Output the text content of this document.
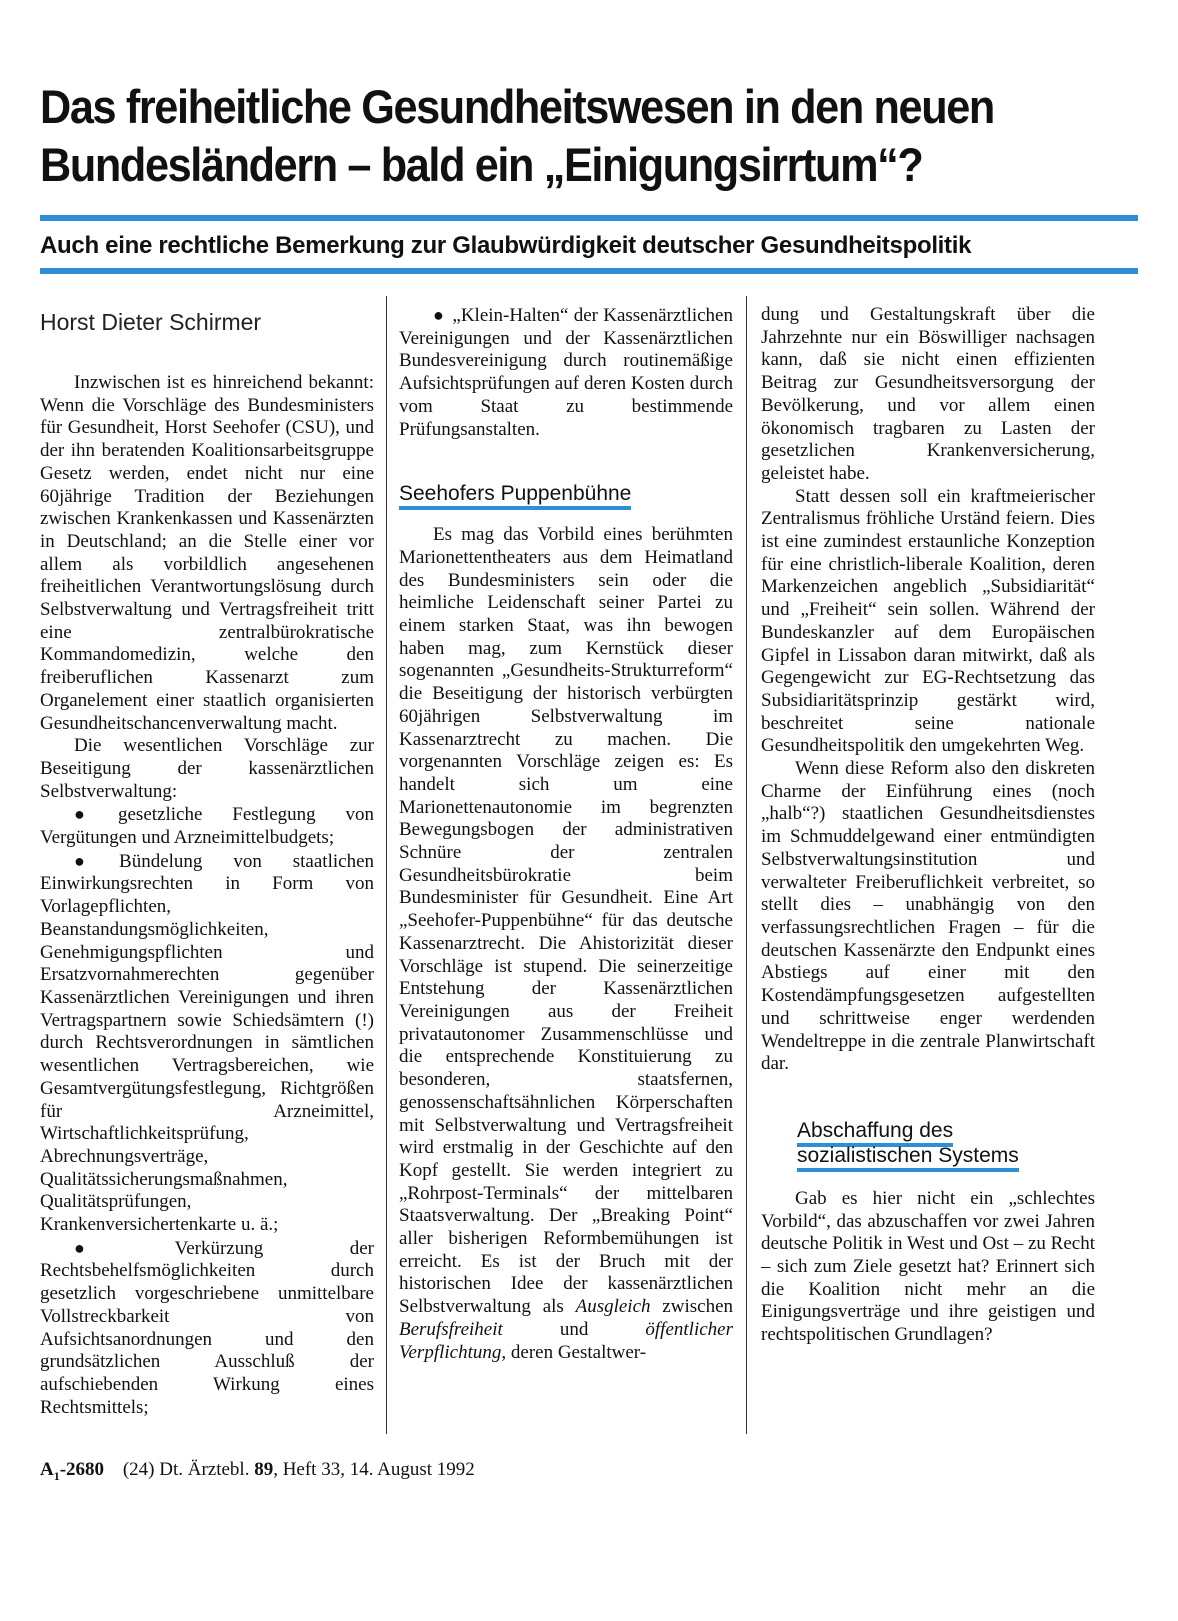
Das freiheitliche Gesundheitswesen in den neuen
Bundesländern – bald ein „Einigungsirrtum“?
Auch eine rechtliche Bemerkung zur Glaubwürdigkeit deutscher Gesundheitspolitik
Horst Dieter Schirmer

Inzwischen ist es hinreichend bekannt: Wenn die Vorschläge des Bundesministers für Gesundheit, Horst Seehofer (CSU), und der ihn beratenden Koalitionsarbeitsgruppe Gesetz werden, endet nicht nur eine 60jährige Tradition der Beziehungen zwischen Krankenkassen und Kassenärzten in Deutschland; an die Stelle einer vor allem als vorbildlich angesehenen freiheitlichen Verantwortungslösung durch Selbstverwaltung und Vertragsfreiheit tritt eine zentralbürokratische Kommandomedizin, welche den freiberuflichen Kassenarzt zum Organelement einer staatlich organisierten Gesundheitschancenverwaltung macht.

Die wesentlichen Vorschläge zur Beseitigung der kassenärztlichen Selbstverwaltung:

● gesetzliche Festlegung von Vergütungen und Arzneimittelbudgets;

● Bündelung von staatlichen Einwirkungsrechten in Form von Vorlagepflichten, Beanstandungsmöglichkeiten, Genehmigungspflichten und Ersatzvornahmerechten gegenüber Kassenärztlichen Vereinigungen und ihren Vertragspartnern sowie Schiedsämtern (!) durch Rechtsverordnungen in sämtlichen wesentlichen Vertragsbereichen, wie Gesamtvergütungsfestlegung, Richtgrößen für Arzneimittel, Wirtschaftlichkeitsprüfung, Abrechnungsverträge, Qualitätssicherungsmaßnahmen, Qualitätsprüfungen, Krankenversichertenkarte u. ä.;

● Verkürzung der Rechtsbehelfsmöglichkeiten durch gesetzlich vorgeschriebene unmittelbare Vollstreckbarkeit von Aufsichtsanordnungen und den grundsätzlichen Ausschluß der aufschiebenden Wirkung eines Rechtsmittels;

● „Klein-Halten“ der Kassenärztlichen Vereinigungen und der Kassenärztlichen Bundesvereinigung durch routinemäßige Aufsichtsprüfungen auf deren Kosten durch vom Staat zu bestimmende Prüfungsanstalten.

Seehofers Puppenbühne

Es mag das Vorbild eines berühmten Marionettentheaters aus dem Heimatland des Bundesministers sein oder die heimliche Leidenschaft seiner Partei zu einem starken Staat, was ihn bewogen haben mag, zum Kernstück dieser sogenannten „Gesundheits-Strukturreform“ die Beseitigung der historisch verbürgten 60jährigen Selbstverwaltung im Kassenarztrecht zu machen. Die vorgenannten Vorschläge zeigen es: Es handelt sich um eine Marionettenautonomie im begrenzten Bewegungsbogen der administrativen Schnüre der zentralen Gesundheitsbürokratie beim Bundesminister für Gesundheit. Eine Art „Seehofer-Puppenbühne“ für das deutsche Kassenarztrecht. Die Ahistorizität dieser Vorschläge ist stupend. Die seinerzeitige Entstehung der Kassenärztlichen Vereinigungen aus der Freiheit privatautonomer Zusammenschlüsse und die entsprechende Konstituierung zu besonderen, staatsfernen, genossenschaftsähnlichen Körperschaften mit Selbstverwaltung und Vertragsfreiheit wird erstmalig in der Geschichte auf den Kopf gestellt. Sie werden integriert zu „Rohrpost-Terminals“ der mittelbaren Staatsverwaltung. Der „Breaking Point“ aller bisherigen Reformbemühungen ist erreicht. Es ist der Bruch mit der historischen Idee der kassenärztlichen Selbstverwaltung als Ausgleich zwischen Berufsfreiheit und öffentlicher Verpflichtung, deren Gestaltwer-

dung und Gestaltungskraft über die Jahrzehnte nur ein Böswilliger nachsagen kann, daß sie nicht einen effizienten Beitrag zur Gesundheitsversorgung der Bevölkerung, und vor allem einen ökonomisch tragbaren zu Lasten der gesetzlichen Krankenversicherung, geleistet habe.

Statt dessen soll ein kraftmeierischer Zentralismus fröhliche Urständ feiern. Dies ist eine zumindest erstaunliche Konzeption für eine christlich-liberale Koalition, deren Markenzeichen angeblich „Subsidiarität“ und „Freiheit“ sein sollen. Während der Bundeskanzler auf dem Europäischen Gipfel in Lissabon daran mitwirkt, daß als Gegengewicht zur EG-Rechtsetzung das Subsidiaritätsprinzip gestärkt wird, beschreitet seine nationale Gesundheitspolitik den umgekehrten Weg.

Wenn diese Reform also den diskreten Charme der Einführung eines (noch „halb“?) staatlichen Gesundheitsdienstes im Schmuddelgewand einer entmündigten Selbstverwaltungsinstitution und verwalteter Freiberuflichkeit verbreitet, so stellt dies – unabhängig von den verfassungsrechtlichen Fragen – für die deutschen Kassenärzte den Endpunkt eines Abstiegs auf einer mit den Kostendämpfungsgesetzen aufgestellten und schrittweise enger werdenden Wendeltreppe in die zentrale Planwirtschaft dar.

Abschaffung des
sozialistischen Systems

Gab es hier nicht ein „schlechtes Vorbild“, das abzuschaffen vor zwei Jahren deutsche Politik in West und Ost – zu Recht – sich zum Ziele gesetzt hat? Erinnert sich die Koalition nicht mehr an die Einigungsverträge und ihre geistigen und rechtspolitischen Grundlagen?

$A_1-2680$ (24) Dt. Ärztebl. 89, Heft 33, 14. August 1992
